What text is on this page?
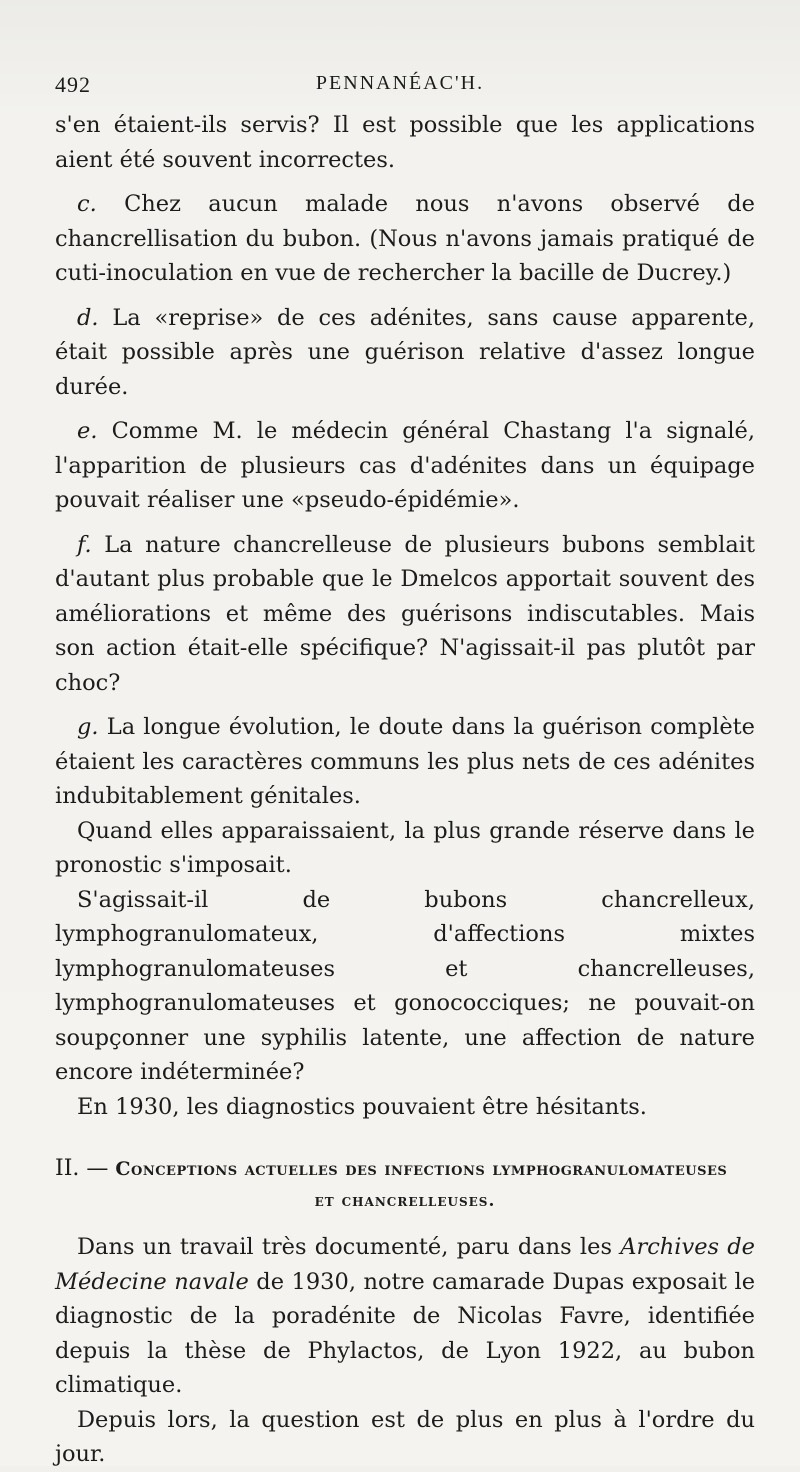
492	PENNANÉAC'H.

s'en étaient-ils servis? Il est possible que les applications aient été souvent incorrectes.

c. Chez aucun malade nous n'avons observé de chancrellisation du bubon. (Nous n'avons jamais pratiqué de cuti-inoculation en vue de rechercher la bacille de Ducrey.)

d. La «reprise» de ces adénites, sans cause apparente, était possible après une guérison relative d'assez longue durée.

e. Comme M. le médecin général Chastang l'a signalé, l'apparition de plusieurs cas d'adénites dans un équipage pouvait réaliser une «pseudo-épidémie».

f. La nature chancrelleuse de plusieurs bubons semblait d'autant plus probable que le Dmelcos apportait souvent des améliorations et même des guérisons indiscutables. Mais son action était-elle spécifique? N'agissait-il pas plutôt par choc?

g. La longue évolution, le doute dans la guérison complète étaient les caractères communs les plus nets de ces adénites indubitablement génitales.

Quand elles apparaissaient, la plus grande réserve dans le pronostic s'imposait.

S'agissait-il de bubons chancrelleux, lymphogranulomateux, d'affections mixtes lymphogranulomateuses et chancrelleuses, lymphogranulomateuses et gonococciques; ne pouvait-on soupçonner une syphilis latente, une affection de nature encore indéterminée?

En 1930, les diagnostics pouvaient être hésitants.

II. — Conceptions actuelles des infections lymphogranulomateuses
et chancrelleuses.

Dans un travail très documenté, paru dans les Archives de Médecine navale de 1930, notre camarade Dupas exposait le diagnostic de la poradénite de Nicolas Favre, identifiée depuis la thèse de Phylactos, de Lyon 1922, au bubon climatique.

Depuis lors, la question est de plus en plus à l'ordre du jour.
